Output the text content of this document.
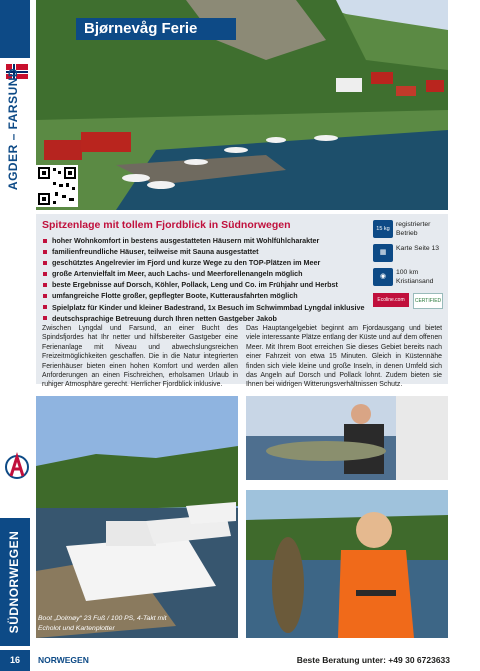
AGDER – FARSUND
SÜDNORWEGEN
Bjørnevåg Ferie
Spitzenlage mit tollem Fjordblick in Südnorwegen
hoher Wohnkomfort in bestens ausgestatteten Häusern mit Wohlfühlcharakter
familienfreundliche Häuser, teilweise mit Sauna ausgestattet
geschütztes Angelrevier im Fjord und kurze Wege zu den TOP-Plätzen im Meer
große Artenvielfalt im Meer, auch Lachs- und Meerforellenangeln möglich
beste Ergebnisse auf Dorsch, Köhler, Pollack, Leng und Co. im Frühjahr und Herbst
umfangreiche Flotte großer, gepflegter Boote, Kutterausfahrten möglich
Spielplatz für Kinder und kleiner Badestrand, 1x Besuch im Schwimmbad Lyngdal inklusive
deutschsprachige Betreuung durch Ihren netten Gastgeber Jakob
15 kg
registrierter Betrieb
▦
Karte Seite 13
◉
100 km Kristiansand
Ecoline.com	CERTIFIED
Zwischen Lyngdal und Farsund, an einer Bucht des Spindsfjordes hat Ihr netter und hilfsbereiter Gastgeber eine Ferienanlage mit Niveau und abwechslungsreichen Freizeitmöglichkeiten geschaffen. Die in die Natur integrierten Ferienhäuser bieten einen hohen Komfort und werden allen Anforderungen an einen Fischreichen, erholsamen Urlaub in ruhiger Atmosphäre gerecht. Herrlicher Fjordblick inklusive.
Das Hauptangelgebiet beginnt am Fjordausgang und bietet viele interessante Plätze entlang der Küste und auf dem offenen Meer. Mit Ihrem Boot erreichen Sie dieses Gebiet bereits nach einer Fahrzeit von etwa 15 Minuten. Gleich in Küstennähe finden sich viele kleine und große Inseln, in denen Umfeld sich das Angeln auf Dorsch und Pollack lohnt. Zudem bieten sie Ihnen bei widrigen Witterungsverhältnissen Schutz.
Boot „Dolmøy“ 23 Fuß / 100 PS, 4-Takt mit
Echolot und Kartenplotter
16	NORWEGEN	Beste Beratung unter: +49 30 6723633
